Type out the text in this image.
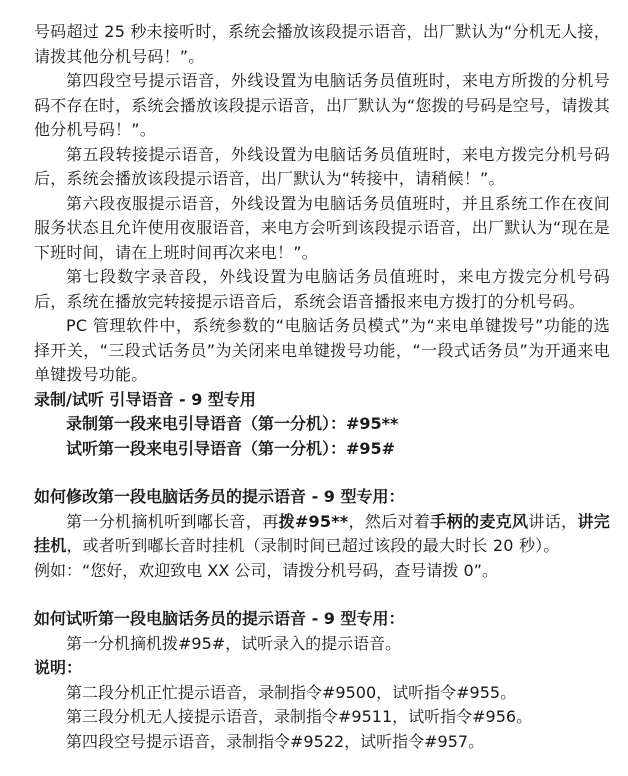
号码超过 25 秒未接听时，系统会播放该段提示语音，出厂默认为“分机无人接，请拨其他分机号码！”。

第四段空号提示语音，外线设置为电脑话务员值班时，来电方所拨的分机号码不存在时，系统会播放该段提示语音，出厂默认为“您拨的号码是空号，请拨其他分机号码！”。

第五段转接提示语音，外线设置为电脑话务员值班时，来电方拨完分机号码后，系统会播放该段提示语音，出厂默认为“转接中，请稍候！”。

第六段夜服提示语音，外线设置为电脑话务员值班时，并且系统工作在夜间服务状态且允许使用夜服语音，来电方会听到该段提示语音，出厂默认为“现在是下班时间，请在上班时间再次来电！”。

第七段数字录音段，外线设置为电脑话务员值班时，来电方拨完分机号码后，系统在播放完转接提示语音后，系统会语音播报来电方拨打的分机号码。

PC 管理软件中，系统参数的“电脑话务员模式”为“来电单键拨号”功能的选择开关，“三段式话务员”为关闭来电单键拨号功能，“一段式话务员”为开通来电单键拨号功能。

录制/试听 引导语音 - 9 型专用
录制第一段来电引导语音（第一分机）：#95**
试听第一段来电引导语音（第一分机）：#95#
如何修改第一段电脑话务员的提示语音 - 9 型专用：

第一分机摘机听到嘟长音，再拨#95**，然后对着手柄的麦克风讲话，讲完挂机，或者听到嘟长音时挂机（录制时间已超过该段的最大时长 20 秒）。

例如：“您好，欢迎致电 XX 公司，请拨分机号码，查号请拨 0”。
如何试听第一段电脑话务员的提示语音 - 9 型专用：
第一分机摘机拨#95#，试听录入的提示语音。
说明：
第二段分机正忙提示语音，录制指令#9500，试听指令#955。
第三段分机无人接提示语音，录制指令#9511，试听指令#956。
第四段空号提示语音，录制指令#9522，试听指令#957。
